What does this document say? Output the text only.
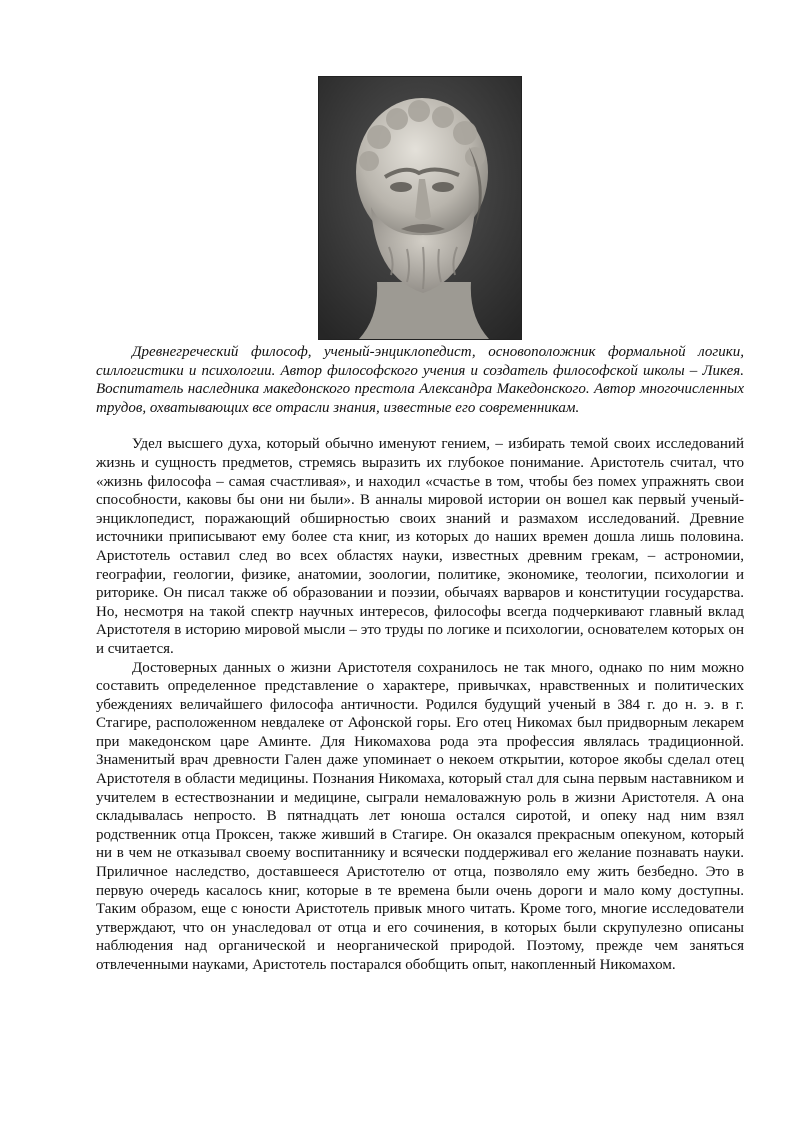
Древнегреческий философ, ученый-энциклопедист, основоположник формальной логики, силлогистики и психологии. Автор философского учения и создатель философской школы – Ликея. Воспитатель наследника македонского престола Александра Македонского. Автор многочисленных трудов, охватывающих все отрасли знания, известные его современникам.

Удел высшего духа, который обычно именуют гением, – избирать темой своих исследований жизнь и сущность предметов, стремясь выразить их глубокое понимание. Аристотель считал, что «жизнь философа – самая счастливая», и находил «счастье в том, чтобы без помех упражнять свои способности, каковы бы они ни были». В анналы мировой истории он вошел как первый ученый-энциклопедист, поражающий обширностью своих знаний и размахом исследований. Древние источники приписывают ему более ста книг, из которых до наших времен дошла лишь половина. Аристотель оставил след во всех областях науки, известных древним грекам, – астрономии, географии, геологии, физике, анатомии, зоологии, политике, экономике, теологии, психологии и риторике. Он писал также об образовании и поэзии, обычаях варваров и конституции государства. Но, несмотря на такой спектр научных интересов, философы всегда подчеркивают главный вклад Аристотеля в историю мировой мысли – это труды по логике и психологии, основателем которых он и считается.

Достоверных данных о жизни Аристотеля сохранилось не так много, однако по ним можно составить определенное представление о характере, привычках, нравственных и политических убеждениях величайшего философа античности. Родился будущий ученый в 384 г. до н. э. в г. Стагире, расположенном невдалеке от Афонской горы. Его отец Никомах был придворным лекарем при македонском царе Аминте. Для Никомахова рода эта профессия являлась традиционной. Знаменитый врач древности Гален даже упоминает о некоем открытии, которое якобы сделал отец Аристотеля в области медицины. Познания Никомаха, который стал для сына первым наставником и учителем в естествознании и медицине, сыграли немаловажную роль в жизни Аристотеля. А она складывалась непросто. В пятнадцать лет юноша остался сиротой, и опеку над ним взял родственник отца Проксен, также живший в Стагире. Он оказался прекрасным опекуном, который ни в чем не отказывал своему воспитаннику и всячески поддерживал его желание познавать науки. Приличное наследство, доставшееся Аристотелю от отца, позволяло ему жить безбедно. Это в первую очередь касалось книг, которые в те времена были очень дороги и мало кому доступны. Таким образом, еще с юности Аристотель привык много читать. Кроме того, многие исследователи утверждают, что он унаследовал от отца и его сочинения, в которых были скрупулезно описаны наблюдения над органической и неорганической природой. Поэтому, прежде чем заняться отвлеченными науками, Аристотель постарался обобщить опыт, накопленный Никомахом.
